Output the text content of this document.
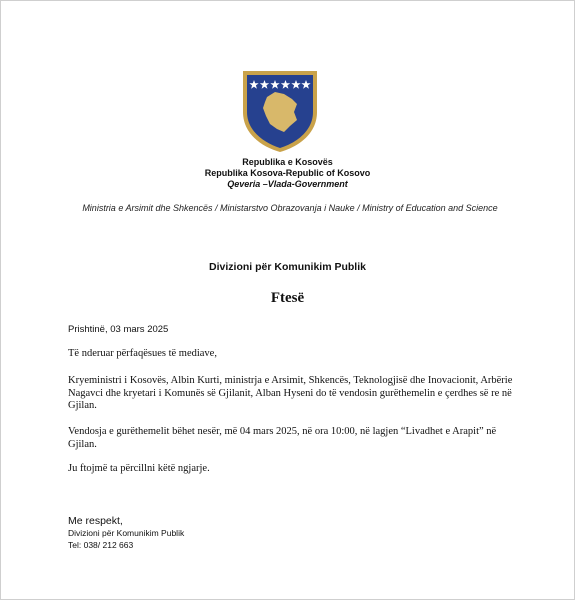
Republika e Kosovës
Republika Kosova-Republic of Kosovo
Qeveria –Vlada-Government
Ministria e Arsimit dhe Shkencës / Ministarstvo Obrazovanja i Nauke / Ministry of Education and Science
Divizioni për Komunikim Publik
Ftesë
Prishtinë, 03 mars 2025
Të nderuar përfaqësues të mediave,
Kryeministri i Kosovës, Albin Kurti, ministrja e Arsimit, Shkencës, Teknologjisë dhe Inovacionit, Arbërie Nagavci dhe kryetari i Komunës së Gjilanit, Alban Hyseni do të vendosin gurëthemelin e çerdhes së re në Gjilan.
Vendosja e gurëthemelit bëhet nesër, më 04 mars 2025, në ora 10:00, në lagjen “Livadhet e Arapit” në Gjilan.
Ju ftojmë ta përcillni këtë ngjarje.
Me respekt,
Divizioni për Komunikim Publik
Tel: 038/ 212 663
